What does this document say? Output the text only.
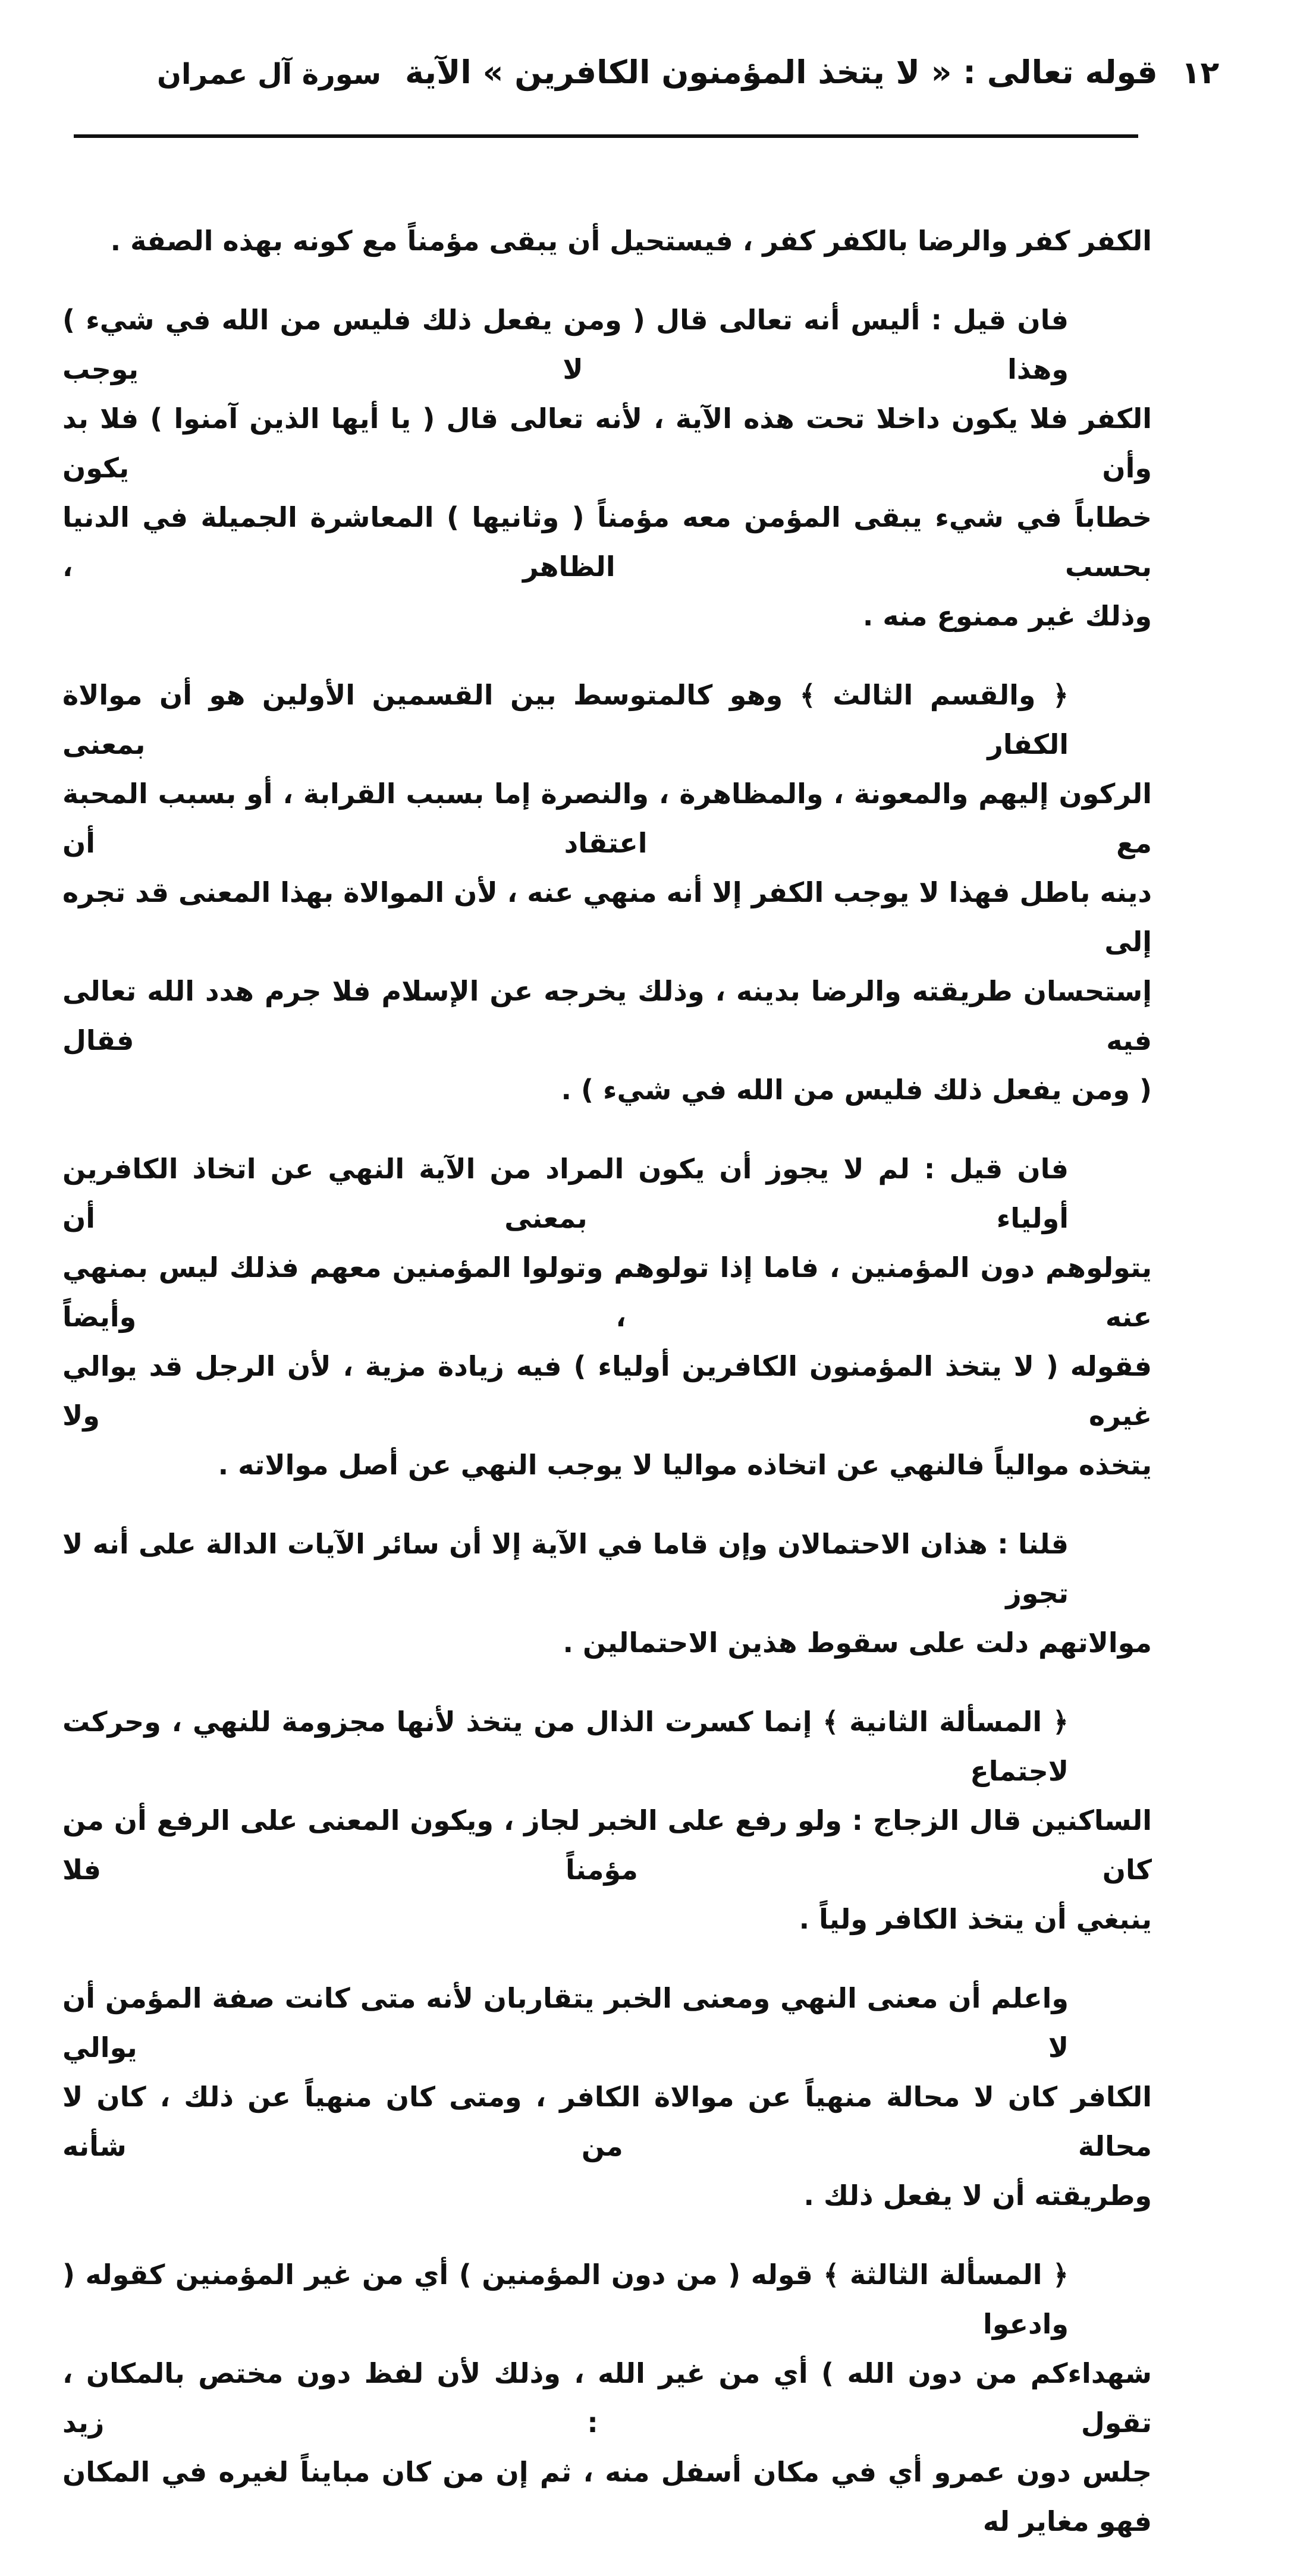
سورة آل عمران قوله تعالى : « لا يتخذ المؤمنون الكافرين » الآية ١٢
الكفر كفر والرضا بالكفر كفر ، فيستحيل أن يبقى مؤمناً مع كونه بهذه الصفة .
فان قيل : أليس أنه تعالى قال ( ومن يفعل ذلك فليس من الله في شيء ) وهذا لا يوجب
الكفر فلا يكون داخلا تحت هذه الآية ، لأنه تعالى قال ( يا أيها الذين آمنوا ) فلا بد وأن يكون
خطاباً في شيء يبقى المؤمن معه مؤمناً ( وثانيها ) المعاشرة الجميلة في الدنيا بحسب الظاهر ،
وذلك غير ممنوع منه .
﴿ والقسم الثالث ﴾ وهو كالمتوسط بين القسمين الأولين هو أن موالاة الكفار بمعنى
الركون إليهم والمعونة ، والمظاهرة ، والنصرة إما بسبب القرابة ، أو بسبب المحبة مع اعتقاد أن
دينه باطل فهذا لا يوجب الكفر إلا أنه منهي عنه ، لأن الموالاة بهذا المعنى قد تجره إلى
إستحسان طريقته والرضا بدينه ، وذلك يخرجه عن الإسلام فلا جرم هدد الله تعالى فيه فقال
( ومن يفعل ذلك فليس من الله في شيء ) .
فان قيل : لم لا يجوز أن يكون المراد من الآية النهي عن اتخاذ الكافرين أولياء بمعنى أن
يتولوهم دون المؤمنين ، فاما إذا تولوهم وتولوا المؤمنين معهم فذلك ليس بمنهي عنه ، وأيضاً
فقوله ( لا يتخذ المؤمنون الكافرين أولياء ) فيه زيادة مزية ، لأن الرجل قد يوالي غيره ولا
يتخذه موالياً فالنهي عن اتخاذه مواليا لا يوجب النهي عن أصل موالاته .
قلنا : هذان الاحتمالان وإن قاما في الآية إلا أن سائر الآيات الدالة على أنه لا تجوز
موالاتهم دلت على سقوط هذين الاحتمالين .
﴿ المسألة الثانية ﴾ إنما كسرت الذال من يتخذ لأنها مجزومة للنهي ، وحركت لاجتماع
الساكنين قال الزجاج : ولو رفع على الخبر لجاز ، ويكون المعنى على الرفع أن من كان مؤمناً فلا
ينبغي أن يتخذ الكافر ولياً .
واعلم أن معنى النهي ومعنى الخبر يتقاربان لأنه متى كانت صفة المؤمن أن لا يوالي
الكافر كان لا محالة منهياً عن موالاة الكافر ، ومتى كان منهياً عن ذلك ، كان لا محالة من شأنه
وطريقته أن لا يفعل ذلك .
﴿ المسألة الثالثة ﴾ قوله ( من دون المؤمنين ) أي من غير المؤمنين كقوله ( وادعوا
شهداءكم من دون الله ) أي من غير الله ، وذلك لأن لفظ دون مختص بالمكان ، تقول : زيد
جلس دون عمرو أي في مكان أسفل منه ، ثم إن من كان مبايناً لغيره في المكان فهو مغاير له
